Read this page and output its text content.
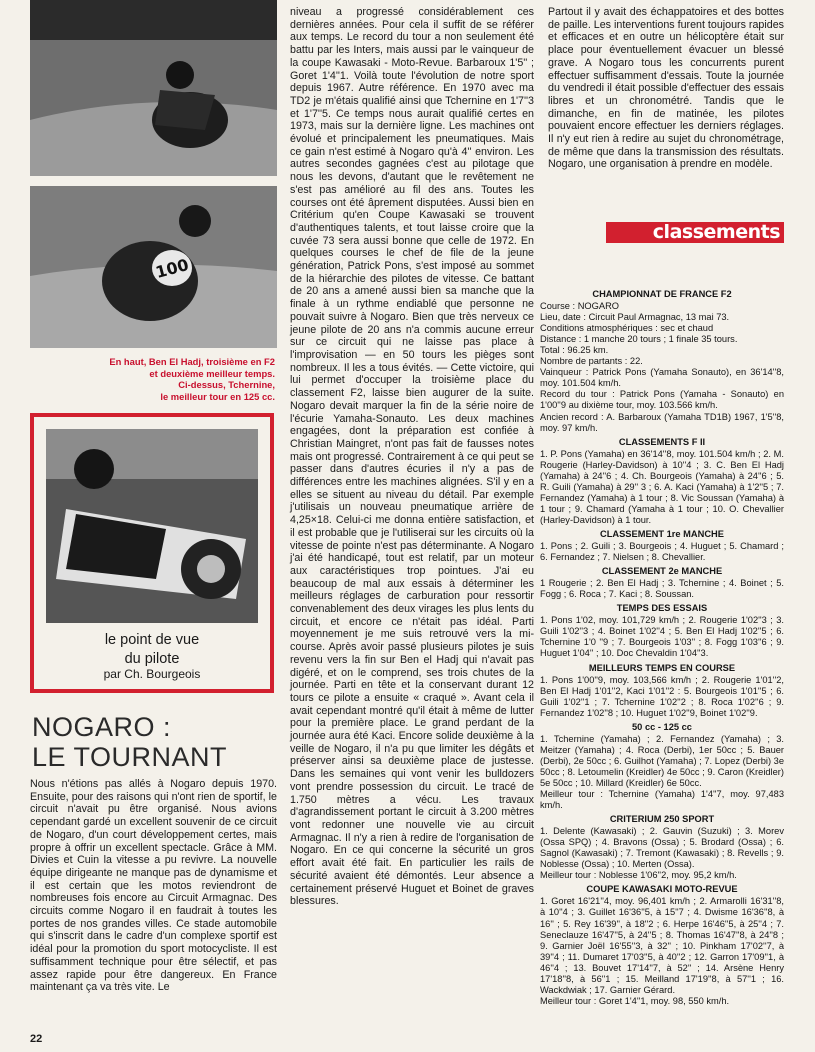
100
En haut, Ben El Hadj, troisième en F2
et deuxième meilleur temps.
Ci-dessus, Tchernine,
le meilleur tour en 125 cc.
le point de vue
du pilote
par Ch. Bourgeois
NOGARO :
LE TOURNANT
Nous n'étions pas allés à Nogaro depuis 1970. Ensuite, pour des raisons qui n'ont rien de sportif, le circuit n'avait pu être organisé. Nous avions cependant gardé un excellent souvenir de ce circuit de Nogaro, d'un court développement certes, mais propre à offrir un excellent spectacle. Grâce à MM. Divies et Cuin la vitesse a pu revivre. La nouvelle équipe dirigeante ne manque pas de dynamisme et il est certain que les motos reviendront de nombreuses fois encore au Circuit Armagnac. Des circuits comme Nogaro il en faudrait à toutes les portes de nos grandes villes. Ce stade automobile qui s'inscrit dans le cadre d'un complexe sportif est idéal pour la promotion du sport motocycliste. Il est suffisamment technique pour être sélectif, et pas assez rapide pour être dangereux. En France maintenant ça va très vite. Le
niveau a progressé considérablement ces dernières années. Pour cela il suffit de se référer aux temps. Le record du tour a non seulement été battu par les Inters, mais aussi par le vainqueur de la coupe Kawasaki - Moto-Revue. Barbaroux 1'5'' ; Goret 1'4''1. Voilà toute l'évolution de notre sport depuis 1967. Autre référence. En 1970 avec ma TD2 je m'étais qualifié ainsi que Tchernine en 1'7''3 et 1'7''5. Ce temps nous aurait qualifié certes en 1973, mais sur la dernière ligne. Les machines ont évolué et principalement les pneumatiques. Mais ce gain n'est estimé à Nogaro qu'à 4'' environ. Les autres secondes gagnées c'est au pilotage que nous les devons, d'autant que le revêtement ne s'est pas amélioré au fil des ans. Toutes les courses ont été âprement disputées. Aussi bien en Critérium qu'en Coupe Kawasaki se trouvent d'authentiques talents, et tout laisse croire que la cuvée 73 sera aussi bonne que celle de 1972. En quelques courses le chef de file de la jeune génération, Patrick Pons, s'est imposé au sommet de la hiérarchie des pilotes de vitesse. Ce battant de 20 ans a amené aussi bien sa manche que la finale à un rythme endiablé que personne ne pouvait suivre à Nogaro. Bien que très nerveux ce jeune pilote de 20 ans n'a commis aucune erreur sur ce circuit qui ne laisse pas place à l'improvisation — en 50 tours les pièges sont nombreux. Il les a tous évités. — Cette victoire, qui lui permet d'occuper la troisième place du classement F2, laisse bien augurer de la suite. Nogaro devait marquer la fin de la série noire de l'écurie Yamaha-Sonauto. Les deux machines engagées, dont la préparation est confiée à Christian Maingret, n'ont pas fait de fausses notes mais ont progressé. Contrairement à ce qui peut se passer dans d'autres écuries il n'y a pas de différences entre les machines alignées. S'il y en a elles se situent au niveau du détail. Par exemple j'utilisais un nouveau pneumatique arrière de 4,25×18. Celui-ci me donna entière satisfaction, et il est probable que je l'utiliserai sur les circuits où la vitesse de pointe n'est pas déterminante. A Nogaro j'ai été handicapé, tout est relatif, par un moteur aux caractéristiques trop pointues. J'ai eu beaucoup de mal aux essais à déterminer les meilleurs réglages de carburation pour ressortir convenablement des deux virages les plus lents du circuit, et encore ce n'était pas idéal. Parti moyennement je me suis retrouvé vers la mi-course. Après avoir passé plusieurs pilotes je suis revenu vers la fin sur Ben el Hadj qui n'avait pas digéré, et on le comprend, ses trois chutes de la journée. Parti en tête et la conservant durant 12 tours ce pilote a ensuite « craqué ». Avant cela il avait cependant montré qu'il était à même de lutter pour la première place. Le grand perdant de la journée aura été Kaci. Encore solide deuxième à la veille de Nogaro, il n'a pu que limiter les dégâts et préserver ainsi sa deuxième place de justesse. Dans les semaines qui vont venir les bulldozers vont prendre possession du circuit. Le tracé de 1.750 mètres a vécu. Les travaux d'agrandissement portant le circuit à 3.200 mètres vont redonner une nouvelle vie au circuit Armagnac. Il n'y a rien à redire de l'organisation de Nogaro. En ce qui concerne la sécurité un gros effort avait été fait. En particulier les rails de sécurité avaient été démontés. Leur absence a certainement préservé Huguet et Boinet de graves blessures.
Partout il y avait des échappatoires et des bottes de paille. Les interventions furent toujours rapides et efficaces et en outre un hélicoptère était sur place pour éventuellement évacuer un blessé grave. A Nogaro tous les concurrents purent effectuer suffisamment d'essais. Toute la journée du vendredi il était possible d'effectuer des essais libres et un chronométré. Tandis que le dimanche, en fin de matinée, les pilotes pouvaient encore effectuer les derniers réglages. Il n'y eut rien à redire au sujet du chronométrage, de même que dans la transmission des résultats. Nogaro, une organisation à prendre en modèle.
classements
CHAMPIONNAT DE FRANCE F2

Course : NOGARO

Lieu, date : Circuit Paul Armagnac, 13 mai 73.

Conditions atmosphériques : sec et chaud

Distance : 1 manche 20 tours ; 1 finale 35 tours.

Total : 96.25 km.

Nombre de partants : 22.

Vainqueur : Patrick Pons (Yamaha Sonauto), en 36'14''8, moy. 101.504 km/h.

Record du tour : Patrick Pons (Yamaha - Sonauto) en 1'00''9 au dixième tour, moy. 103.566 km/h.

Ancien record : A. Barbaroux (Yamaha TD1B) 1967, 1'5''8, moy. 97 km/h.

CLASSEMENTS F II

1. P. Pons (Yamaha) en 36'14''8, moy. 101.504 km/h ; 2. M. Rougerie (Harley-Davidson) à 10''4 ; 3. C. Ben El Hadj (Yamaha) à 24''6 ; 4. Ch. Bourgeois (Yamaha) à 24''6 ; 5. R. Guili (Yamaha) à 29'' 3 ; 6. A. Kaci (Yamaha) à 1'2''5 ; 7. Fernandez (Yamaha) à 1 tour ; 8. Vic Soussan (Yamaha) à 1 tour ; 9. Chamard (Yamaha à 1 tour ; 10. O. Chevallier (Harley-Davidson) à 1 tour.

CLASSEMENT 1re MANCHE

1. Pons ; 2. Guili ; 3. Bourgeois ; 4. Huguet ; 5. Chamard ; 6. Fernandez ; 7. Nielsen ; 8. Chevallier.

CLASSEMENT 2e MANCHE

1 Rougerie ; 2. Ben El Hadj ; 3. Tchernine ; 4. Boinet ; 5. Fogg ; 6. Roca ; 7. Kaci ; 8. Soussan.

TEMPS DES ESSAIS

1. Pons 1'02, moy. 101,729 km/h ; 2. Rougerie 1'02''3 ; 3. Guili 1'02''3 ; 4. Boinet 1'02''4 ; 5. Ben El Hadj 1'02''5 ; 6. Tchernine 1'0 ''9 ; 7. Bourgeois 1'03'' ; 8. Fogg 1'03''6 ; 9. Huguet 1'04'' ; 10. Doc Chevaldin 1'04''3.

MEILLEURS TEMPS EN COURSE

1. Pons 1'00''9, moy. 103,566 km/h ; 2. Rougerie 1'01''2, Ben El Hadj 1'01''2, Kaci 1'01''2 : 5. Bourgeois 1'01''5 ; 6. Guili 1'02''1 ; 7. Tchernine 1'02''2 ; 8. Roca 1'02''6 ; 9. Fernandez 1'02''8 ; 10. Huguet 1'02''9, Boinet 1'02''9.

50 cc - 125 cc

1. Tchernine (Yamaha) ; 2. Fernandez (Yamaha) ; 3. Meitzer (Yamaha) ; 4. Roca (Derbi), 1er 50cc ; 5. Bauer (Derbi), 2e 50cc ; 6. Guilhot (Yamaha) ; 7. Lopez (Derbi) 3e 50cc ; 8. Letoumelin (Kreidler) 4e 50cc ; 9. Caron (Kreidler) 5e 50cc ; 10. Millard (Kreidler) 6e 50cc.

Meilleur tour : Tchernine (Yamaha) 1'4''7, moy. 97,483 km/h.

CRITERIUM 250 SPORT

1. Delente (Kawasaki) ; 2. Gauvin (Suzuki) ; 3. Morev (Ossa SPQ) ; 4. Bravons (Ossa) ; 5. Brodard (Ossa) ; 6. Sagnol (Kawasaki) ; 7. Tremont (Kawasaki) ; 8. Revells ; 9. Noblesse (Ossa) ; 10. Merten (Ossa).

Meilleur tour : Noblesse 1'06''2, moy. 95,2 km/h.

COUPE KAWASAKI MOTO-REVUE

1. Goret 16'21''4, moy. 96,401 km/h ; 2. Armarolli 16'31''8, à 10''4 ; 3. Guillet 16'36''5, à 15''7 ; 4. Dwisme 16'36''8, à 16'' ; 5. Rey 16'39'', à 18''2 ; 6. Herpe 16'46''5, à 25''4 ; 7. Seneclauze 16'47''5, à 24''5 ; 8. Thomas 16'47''8, à 24''8 ; 9. Garnier Joël 16'55''3, à 32'' ; 10. Pinkham 17'02''7, à 39''4 ; 11. Dumaret 17'03''5, à 40''2 ; 12. Garron 17'09''1, à 46''4 ; 13. Bouvet 17'14''7, à 52'' ; 14. Arsène Henry 17'18''8, à 56''1 ; 15. Meilland 17'19''8, à 57''1 ; 16. Wackdwiak ; 17. Garnier Gérard.

Meilleur tour : Goret 1'4''1, moy. 98, 550 km/h.

22
